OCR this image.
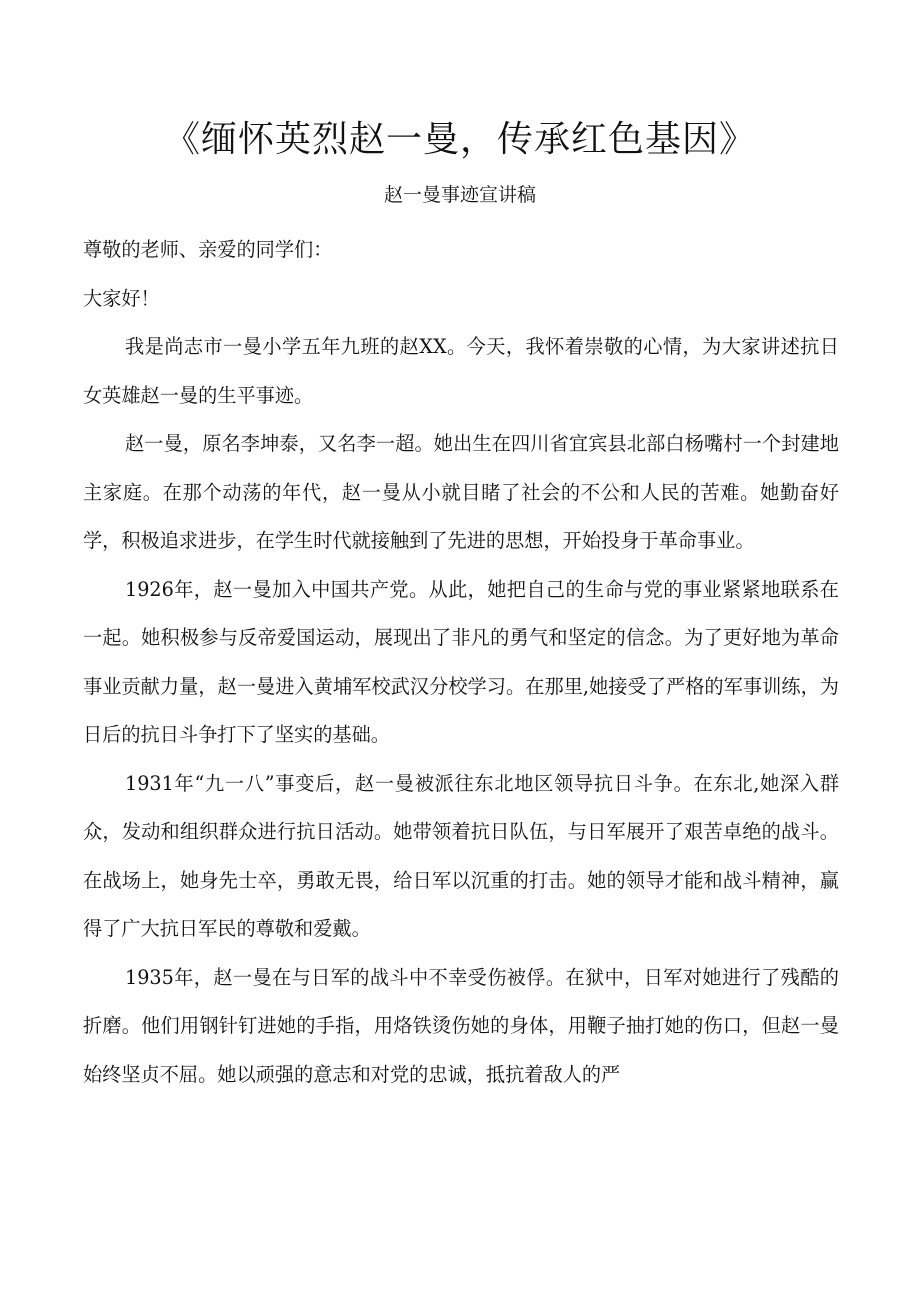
《缅怀英烈赵一曼，传承红色基因》
赵一曼事迹宣讲稿

尊敬的老师、亲爱的同学们：

大家好！

我是尚志市一曼小学五年九班的赵XX。今天，我怀着崇敬的心情，为大家讲述抗日女英雄赵一曼的生平事迹。

赵一曼，原名李坤泰，又名李一超。她出生在四川省宜宾县北部白杨嘴村一个封建地主家庭。在那个动荡的年代，赵一曼从小就目睹了社会的不公和人民的苦难。她勤奋好学，积极追求进步，在学生时代就接触到了先进的思想，开始投身于革命事业。

1926年，赵一曼加入中国共产党。从此，她把自己的生命与党的事业紧紧地联系在一起。她积极参与反帝爱国运动，展现出了非凡的勇气和坚定的信念。为了更好地为革命事业贡献力量，赵一曼进入黄埔军校武汉分校学习。在那里,她接受了严格的军事训练，为日后的抗日斗争打下了坚实的基础。

1931年“九一八”事变后，赵一曼被派往东北地区领导抗日斗争。在东北,她深入群众，发动和组织群众进行抗日活动。她带领着抗日队伍，与日军展开了艰苦卓绝的战斗。在战场上，她身先士卒，勇敢无畏，给日军以沉重的打击。她的领导才能和战斗精神，赢得了广大抗日军民的尊敬和爱戴。

1935年，赵一曼在与日军的战斗中不幸受伤被俘。在狱中，日军对她进行了残酷的折磨。他们用钢针钉进她的手指，用烙铁烫伤她的身体，用鞭子抽打她的伤口，但赵一曼始终坚贞不屈。她以顽强的意志和对党的忠诚，抵抗着敌人的严
